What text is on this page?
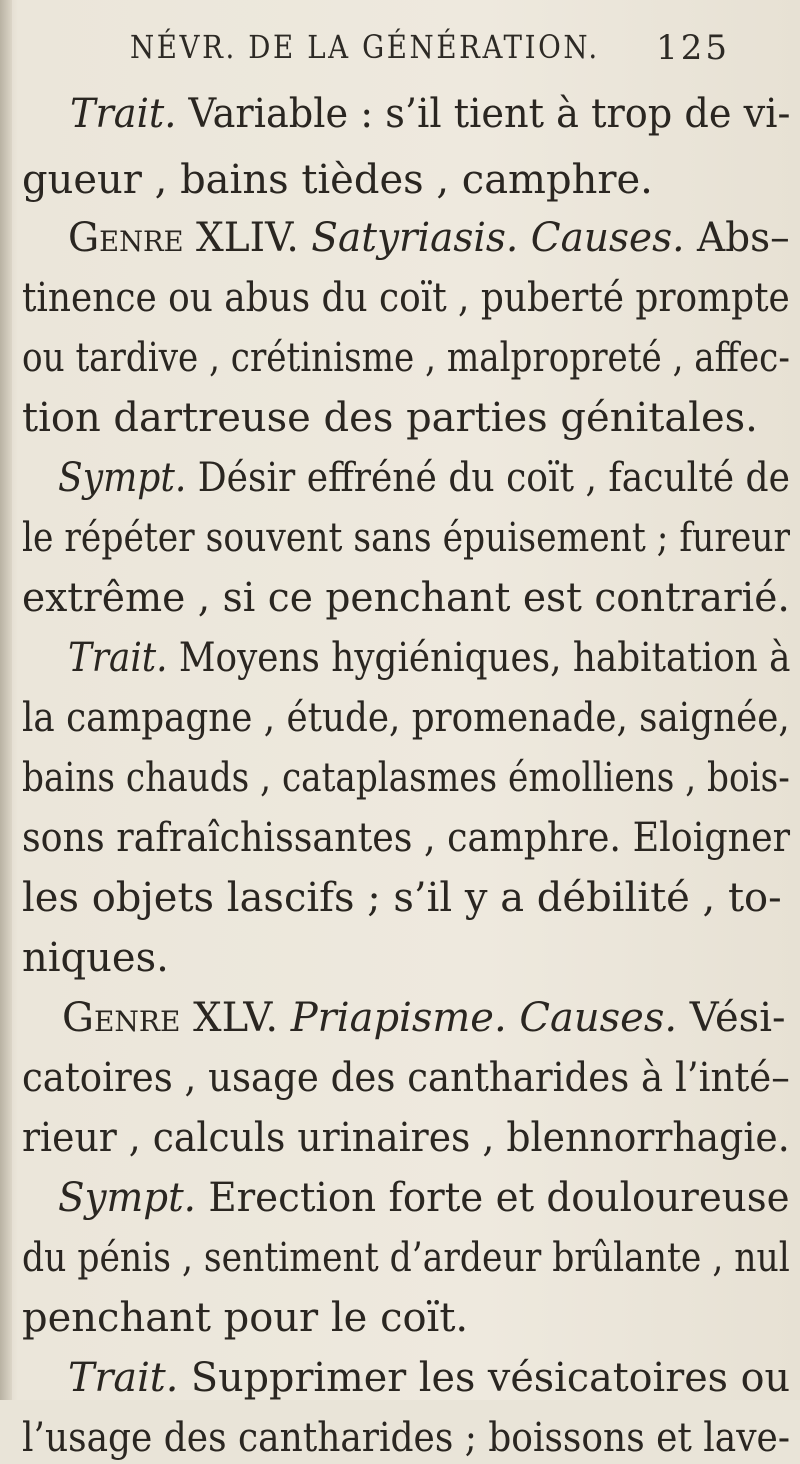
NÉVR. DE LA GÉNÉRATION. 125
Trait. Variable : s’il tient à trop de vi-
gueur , bains tièdes , camphre.
Genre XLIV. Satyriasis. Causes. Abs–
tinence ou abus du coït , puberté prompte
ou tardive , crétinisme , malpropreté , affec-
tion dartreuse des parties génitales.
Sympt. Désir effréné du coït , faculté de
le répéter souvent sans épuisement ; fureur
extrême , si ce penchant est contrarié.
Trait. Moyens hygiéniques, habitation à
la campagne , étude, promenade, saignée,
bains chauds , cataplasmes émolliens , bois-
sons rafraîchissantes , camphre. Eloigner
les objets lascifs ; s’il y a débilité , to-
niques.
Genre XLV. Priapisme. Causes. Vési-
catoires , usage des cantharides à l’inté–
rieur , calculs urinaires , blennorrhagie.
Sympt. Erection forte et douloureuse
du pénis , sentiment d’ardeur brûlante , nul
penchant pour le coït.
Trait. Supprimer les vésicatoires ou
l’usage des cantharides ; boissons et lave-
